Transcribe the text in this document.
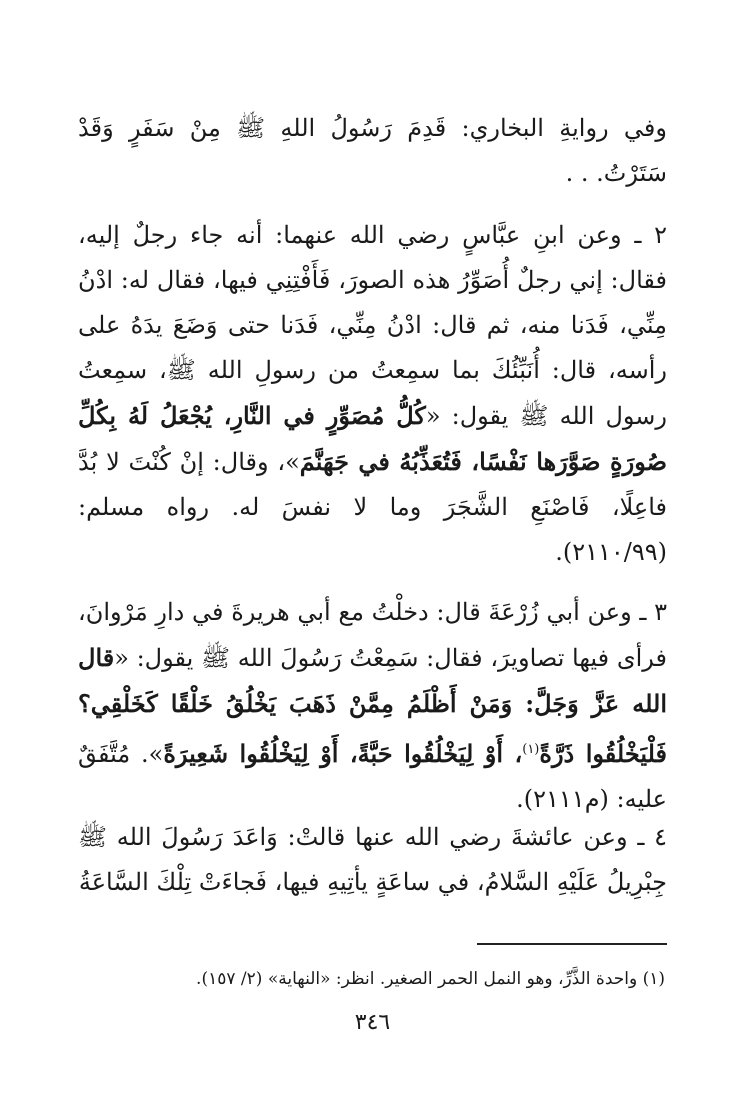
وفي روايةِ البخاري: قَدِمَ رَسُولُ اللهِ ﷺ مِنْ سَفَرٍ وَقَدْ سَتَرْتُ. . .

٢ ـ وعن ابنِ عبَّاسٍ رضي الله عنهما: أنه جاء رجلٌ إليه، فقال: إني رجلٌ أُصَوِّرُ هذه الصورَ، فَأَفْتِنِي فيها، فقال له: ادْنُ مِنِّي، فَدَنا منه، ثم قال: ادْنُ مِنِّي، فَدَنا حتى وَضَعَ يدَهُ على رأسه، قال: أُنَبِّئُكَ بما سمِعتُ من رسولِ الله ﷺ، سمِعتُ رسول الله ﷺ يقول: «كُلُّ مُصَوِّرٍ في النَّارِ، يُجْعَلُ لَهُ بِكُلِّ صُورَةٍ صَوَّرَها نَفْسًا، فَتُعَذِّبُهُ في جَهَنَّمَ»، وقال: إنْ كُنْتَ لا بُدَّ فاعِلًا، فَاصْنَعِ الشَّجَرَ وما لا نفسَ له. رواه مسلم: (٢١١٠/٩٩).

٣ ـ وعن أبي زُرْعَةَ قال: دخلْتُ مع أبي هريرةَ في دارِ مَرْوانَ، فرأى فيها تصاويرَ، فقال: سَمِعْتُ رَسُولَ الله ﷺ يقول: «قال الله عَزَّ وَجَلَّ: وَمَنْ أَظْلَمُ مِمَّنْ ذَهَبَ يَخْلُقُ خَلْقًا كَخَلْقِي؟ فَلْيَخْلُقُوا ذَرَّةً$^{(١)}$، أَوْ لِيَخْلُقُوا حَبَّةً، أَوْ لِيَخْلُقُوا شَعِيرَةً». مُتَّفَقٌ عليه: (م٢١١١).

٤ ـ وعن عائشةَ رضي الله عنها قالتْ: وَاعَدَ رَسُولَ الله ﷺ جِبْرِيلُ عَلَيْهِ السَّلامُ، في ساعَةٍ يأتِيهِ فيها، فَجاءَتْ تِلْكَ السَّاعَةُ

(١) واحدة الذَّرِّ، وهو النمل الحمر الصغير. انظر: «النهاية» (٢/ ١٥٧).

٣٤٦
